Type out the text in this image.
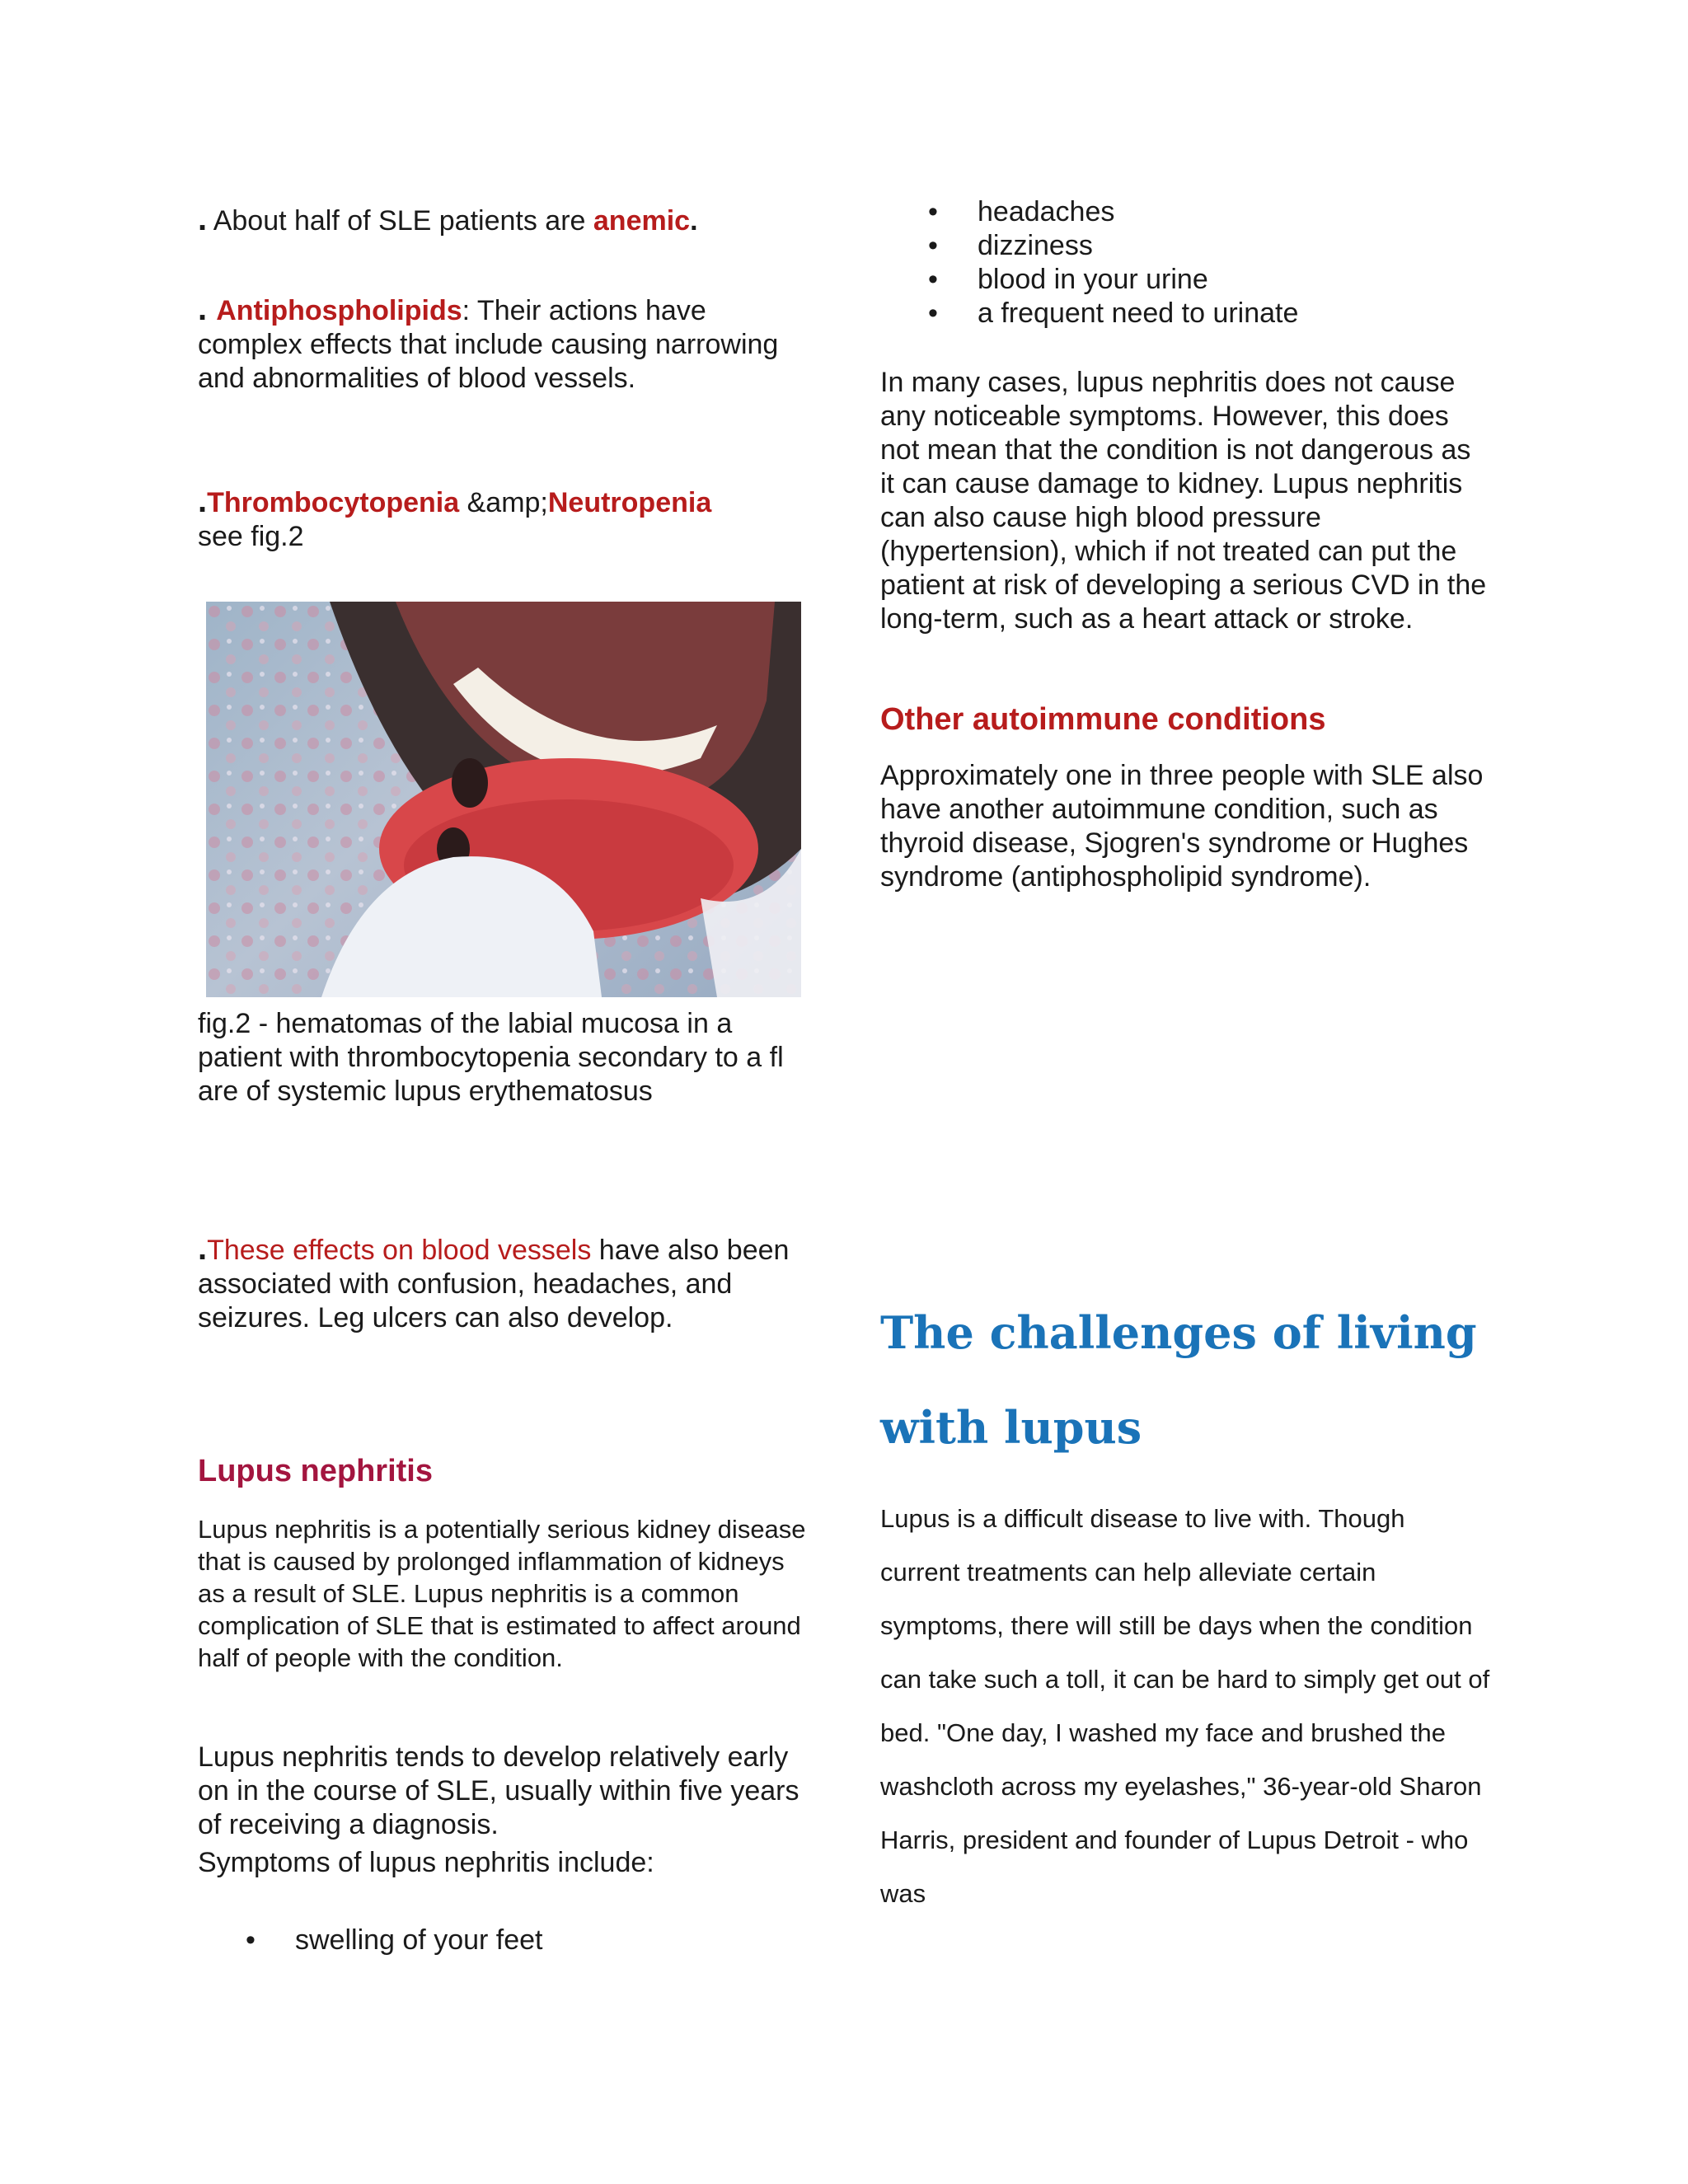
. About half of SLE patients are anemic.

. Antiphospholipids: Their actions have complex effects that include causing narrowing and abnormalities of blood vessels.

.Thrombocytopenia &amp;Neutropenia
see fig.2

fig.2 - hematomas of the labial mucosa in a patient with thrombocytopenia secondary to a fl are of systemic lupus erythematosus

.These effects on blood vessels have also been associated with confusion, headaches, and seizures. Leg ulcers can also develop.

Lupus nephritis

Lupus nephritis is a potentially serious kidney disease that is caused by prolonged inflammation of kidneys as a result of SLE. Lupus nephritis is a common complication of SLE that is estimated to affect around half of people with the condition.

Lupus nephritis tends to develop relatively early on in the course of SLE, usually within five years of receiving a diagnosis.

Symptoms of lupus nephritis include:

• swelling of your feet
• headaches
• dizziness
• blood in your urine
• a frequent need to urinate

In many cases, lupus nephritis does not cause any noticeable symptoms. However, this does not mean that the condition is not dangerous as it can cause damage to kidney. Lupus nephritis can also cause high blood pressure (hypertension), which if not treated can put the patient at risk of developing a serious CVD in the long-term, such as a heart attack or stroke.

Other autoimmune conditions

Approximately one in three people with SLE also have another autoimmune condition, such as thyroid disease, Sjogren's syndrome or Hughes syndrome (antiphospholipid syndrome).

The challenges of living with lupus

Lupus is a difficult disease to live with. Though current treatments can help alleviate certain symptoms, there will still be days when the condition can take such a toll, it can be hard to simply get out of bed. "One day, I washed my face and brushed the washcloth across my eyelashes," 36-year-old Sharon Harris, president and founder of Lupus Detroit - who was
